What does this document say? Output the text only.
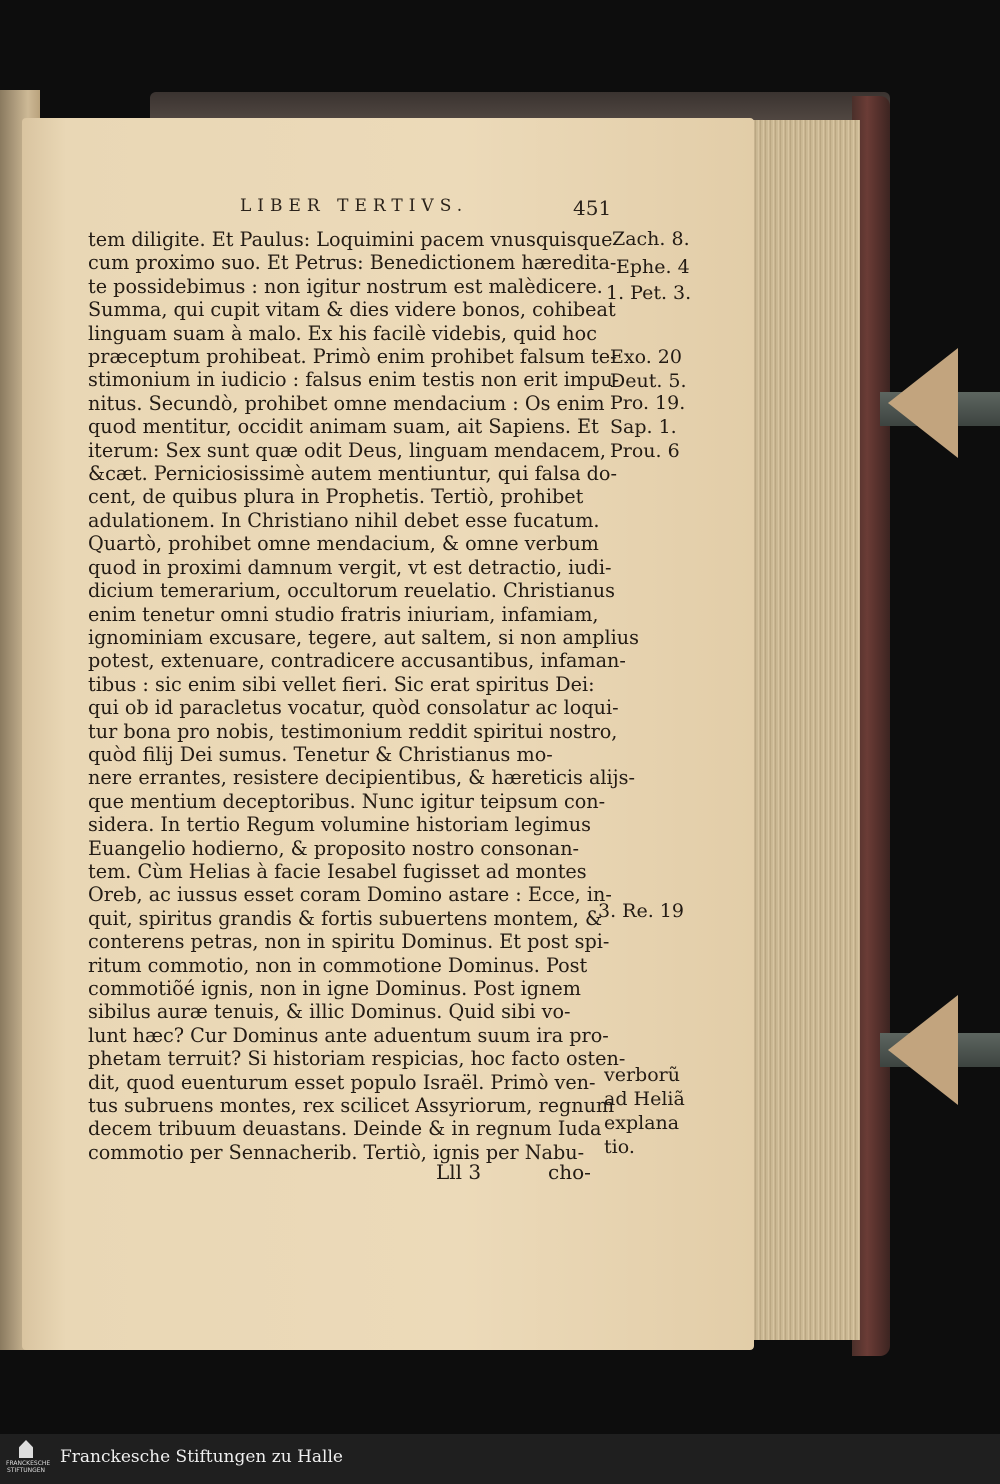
LIBER TERTIVS.	451
tem diligite. Et Paulus: Loquimini pacem vnusquisque
cum proximo suo. Et Petrus: Benedictionem hæredita-
te possidebimus : non igitur nostrum est malèdicere.
Summa, qui cupit vitam & dies videre bonos, cohibeat
linguam suam à malo. Ex his facilè videbis, quid hoc
præceptum prohibeat. Primò enim prohibet falsum te-
stimonium in iudicio : falsus enim testis non erit impu-
nitus. Secundò, prohibet omne mendacium : Os enim
quod mentitur, occidit animam suam, ait Sapiens. Et
iterum: Sex sunt quæ odit Deus, linguam mendacem,
&cæt. Perniciosissimè autem mentiuntur, qui falsa do-
cent, de quibus plura in Prophetis. Tertiò, prohibet
adulationem. In Christiano nihil debet esse fucatum.
Quartò, prohibet omne mendacium, & omne verbum
quod in proximi damnum vergit, vt est detractio, iudi-
dicium temerarium, occultorum reuelatio. Christianus
enim tenetur omni studio fratris iniuriam, infamiam,
ignominiam excusare, tegere, aut saltem, si non amplius
potest, extenuare, contradicere accusantibus, infaman-
tibus : sic enim sibi vellet fieri. Sic erat spiritus Dei:
qui ob id paracletus vocatur, quòd consolatur ac loqui-
tur bona pro nobis, testimonium reddit spiritui nostro,
quòd filij Dei sumus. Tenetur & Christianus mo-
nere errantes, resistere decipientibus, & hæreticis alijs-
que mentium deceptoribus. Nunc igitur teipsum con-
sidera. In tertio Regum volumine historiam legimus
Euangelio hodierno, & proposito nostro consonan-
tem. Cùm Helias à facie Iesabel fugisset ad montes
Oreb, ac iussus esset coram Domino astare : Ecce, in-
quit, spiritus grandis & fortis subuertens montem, &
conterens petras, non in spiritu Dominus. Et post spi-
ritum commotio, non in commotione Dominus. Post
commotiõé ignis, non in igne Dominus. Post ignem
sibilus auræ tenuis, & illic Dominus. Quid sibi vo-
lunt hæc? Cur Dominus ante aduentum suum ira pro-
phetam terruit? Si historiam respicias, hoc facto osten-
dit, quod euenturum esset populo Israël. Primò ven-
tus subruens montes, rex scilicet Assyriorum, regnum
decem tribuum deuastans. Deinde & in regnum Iuda
commotio per Sennacherib. Tertiò, ignis per Nabu-
Zach. 8.
Ephe. 4
1. Pet. 3.
Exo. 20
Deut. 5.
Pro. 19.
Sap. 1.
Prou. 6
3. Re. 19
verborũ
ad Heliã
explana
tio.
Lll 3	cho-
FRANCKESCHE STIFTUNGEN
Franckesche Stiftungen zu Halle
